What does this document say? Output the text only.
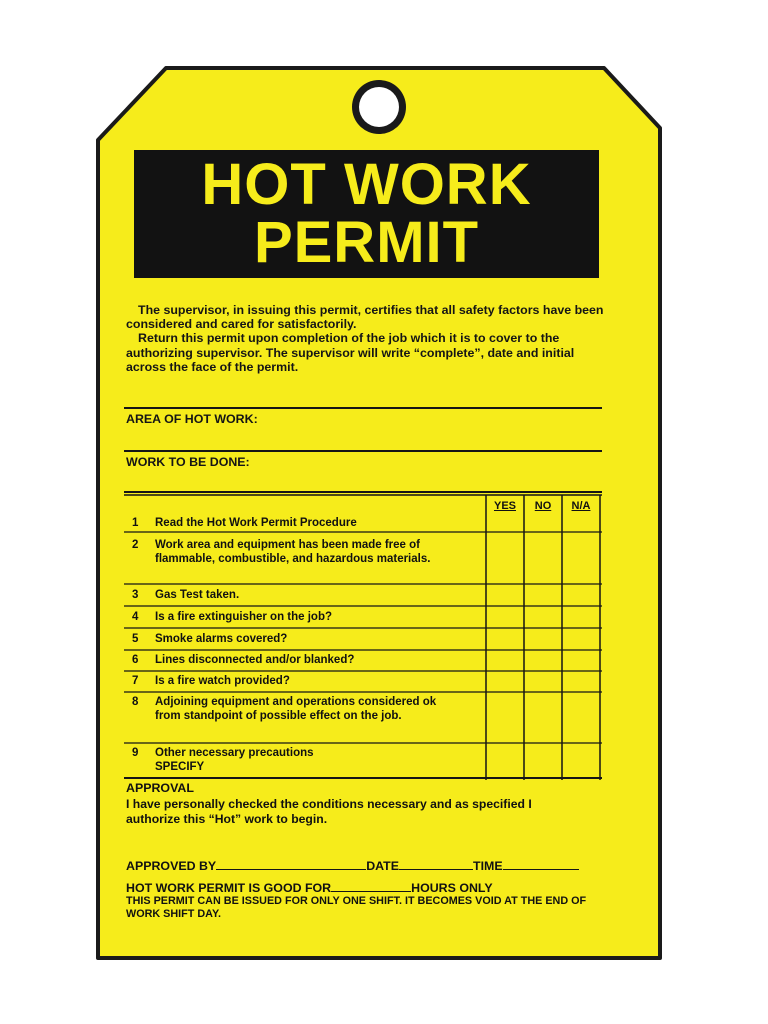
HOT WORK
PERMIT

The supervisor, in issuing this permit, certifies that all safety factors have been considered and cared for satisfactorily.

Return this permit upon completion of the job which it is to cover to the authorizing supervisor. The supervisor will write “complete”, date and initial across the face of the permit.

AREA OF HOT WORK:
WORK TO BE DONE:
YES	NO	N/A
1 Read the Hot Work Permit Procedure
2 Work area and equipment has been made free of flammable, combustible, and hazardous materials.
3 Gas Test taken.
4 Is a fire extinguisher on the job?
5 Smoke alarms covered?
6 Lines disconnected and/or blanked?
7 Is a fire watch provided?
8 Adjoining equipment and operations considered ok from standpoint of possible effect on the job.
9 Other necessary precautions SPECIFY
APPROVAL
I have personally checked the conditions necessary and as specified I authorize this “Hot” work to begin.
APPROVED BY	DATE	TIME
HOT WORK PERMIT IS GOOD FOR	HOURS ONLY
THIS PERMIT CAN BE ISSUED FOR ONLY ONE SHIFT. IT BECOMES VOID AT THE END OF WORK SHIFT DAY.
